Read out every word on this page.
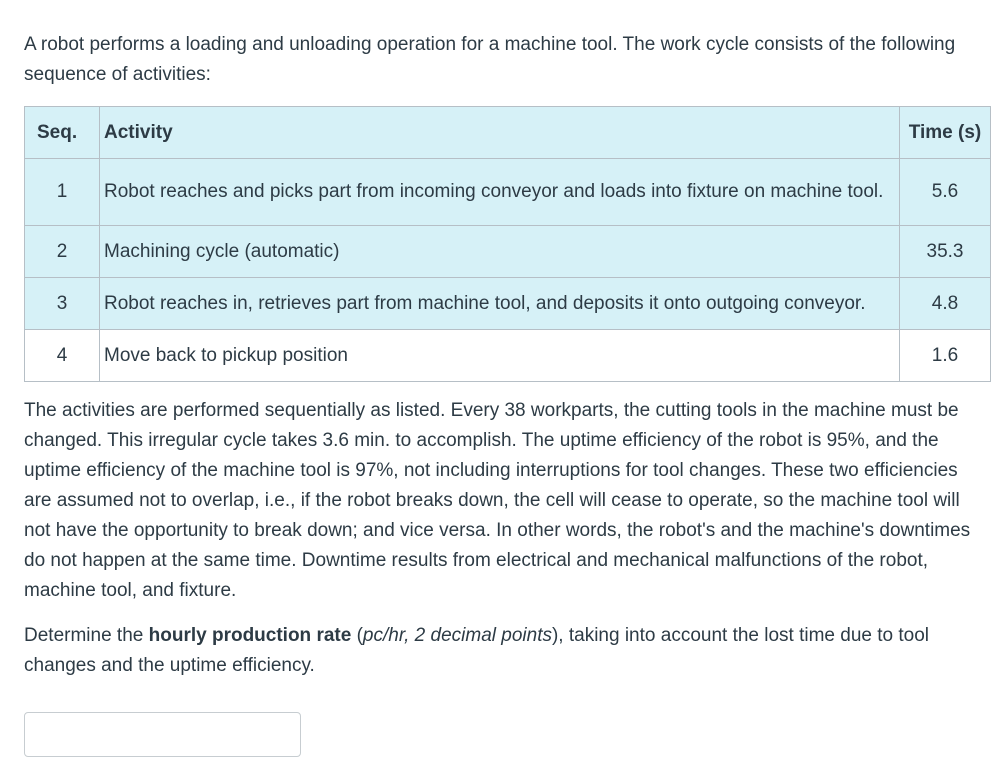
A robot performs a loading and unloading operation for a machine tool. The work cycle consists of the following sequence of activities:

Seq.	Activity	Time (s)
1	Robot reaches and picks part from incoming conveyor and loads into fixture on machine tool.	5.6
2	Machining cycle (automatic)	35.3
3	Robot reaches in, retrieves part from machine tool, and deposits it onto outgoing conveyor.	4.8
4	Move back to pickup position	1.6

The activities are performed sequentially as listed. Every 38 workparts, the cutting tools in the machine must be changed. This irregular cycle takes 3.6 min. to accomplish. The uptime efficiency of the robot is 95%, and the uptime efficiency of the machine tool is 97%, not including interruptions for tool changes. These two efficiencies are assumed not to overlap, i.e., if the robot breaks down, the cell will cease to operate, so the machine tool will not have the opportunity to break down; and vice versa. In other words, the robot's and the machine's downtimes do not happen at the same time. Downtime results from electrical and mechanical malfunctions of the robot, machine tool, and fixture.

Determine the hourly production rate (pc/hr, 2 decimal points), taking into account the lost time due to tool changes and the uptime efficiency.
